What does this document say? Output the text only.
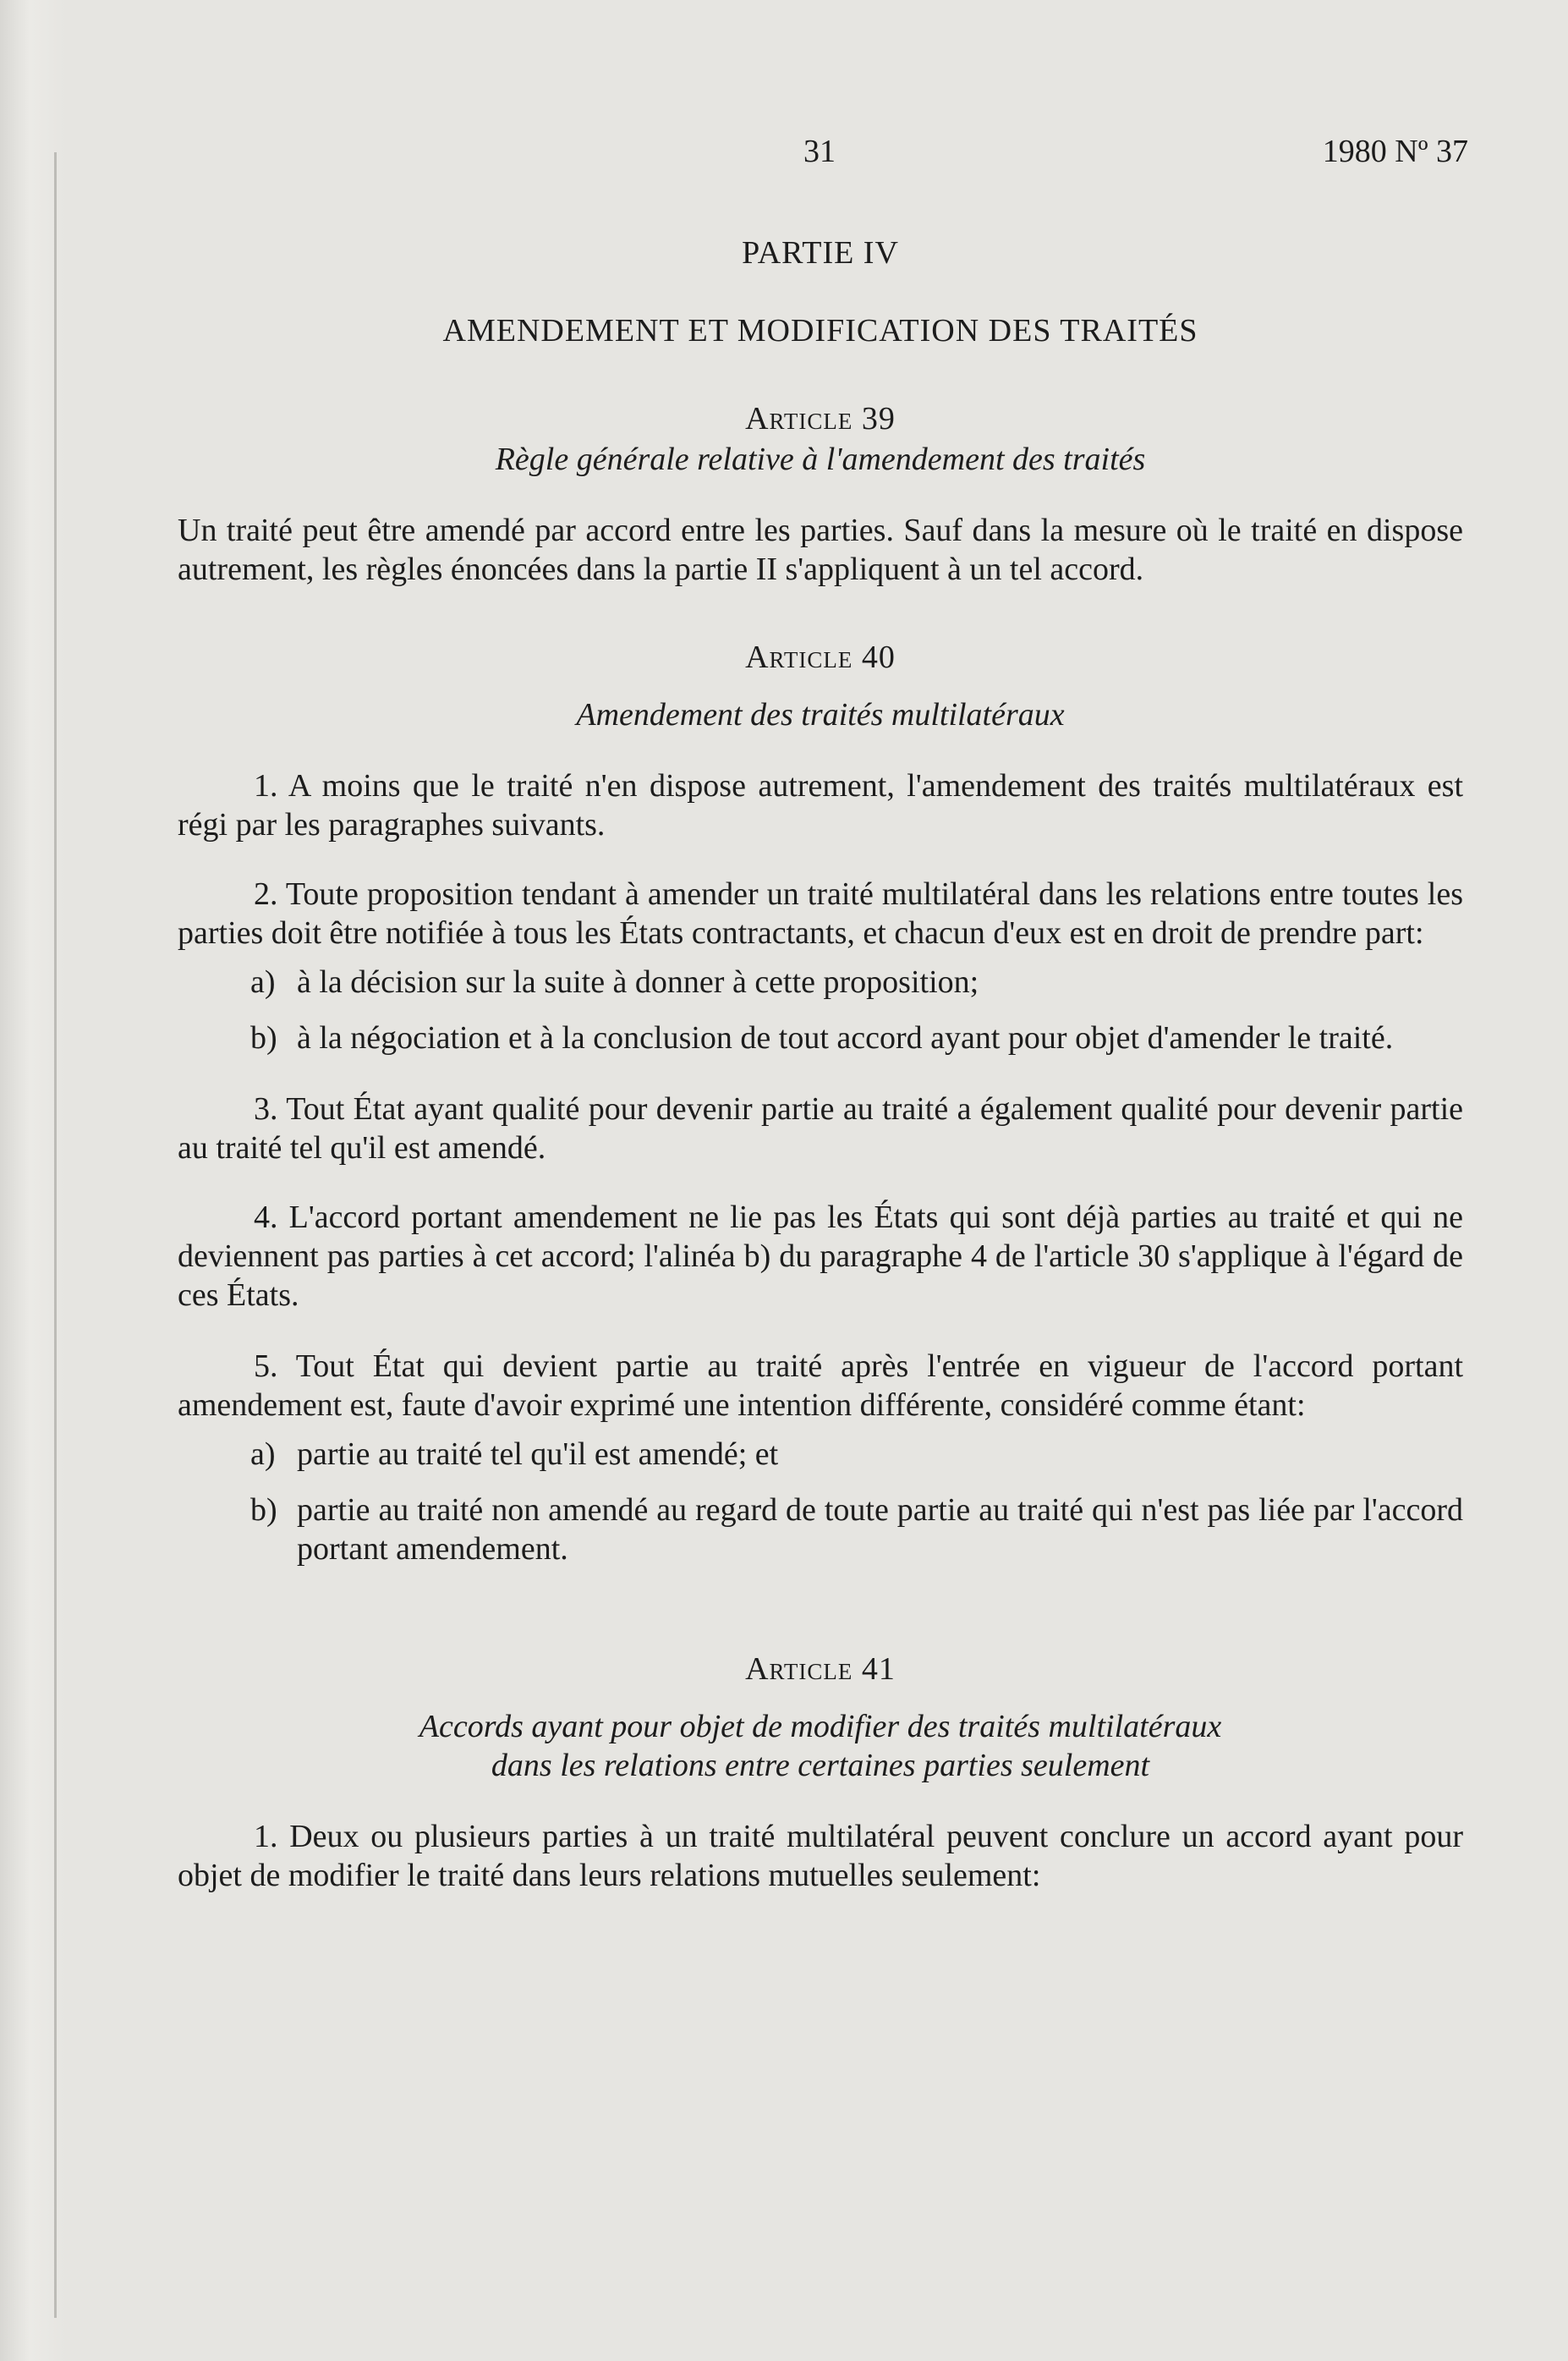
31	1980 Nº 37
PARTIE IV
AMENDEMENT ET MODIFICATION DES TRAITÉS
Article 39
Règle générale relative à l'amendement des traités

Un traité peut être amendé par accord entre les parties. Sauf dans la mesure où le traité en dispose autrement, les règles énoncées dans la partie II s'appliquent à un tel accord.

Article 40
Amendement des traités multilatéraux

1. A moins que le traité n'en dispose autrement, l'amendement des traités multilatéraux est régi par les paragraphes suivants.

2. Toute proposition tendant à amender un traité multilatéral dans les relations entre toutes les parties doit être notifiée à tous les États contractants, et chacun d'eux est en droit de prendre part:

a) à la décision sur la suite à donner à cette proposition;
b) à la négociation et à la conclusion de tout accord ayant pour objet d'amender le traité.

3. Tout État ayant qualité pour devenir partie au traité a également qualité pour devenir partie au traité tel qu'il est amendé.

4. L'accord portant amendement ne lie pas les États qui sont déjà parties au traité et qui ne deviennent pas parties à cet accord; l'alinéa b) du paragraphe 4 de l'article 30 s'applique à l'égard de ces États.

5. Tout État qui devient partie au traité après l'entrée en vigueur de l'accord portant amendement est, faute d'avoir exprimé une intention différente, considéré comme étant:

a) partie au traité tel qu'il est amendé; et
b) partie au traité non amendé au regard de toute partie au traité qui n'est pas liée par l'accord portant amendement.
Article 41
Accords ayant pour objet de modifier des traités multilatéraux
dans les relations entre certaines parties seulement

1. Deux ou plusieurs parties à un traité multilatéral peuvent conclure un accord ayant pour objet de modifier le traité dans leurs relations mutuelles seulement:
